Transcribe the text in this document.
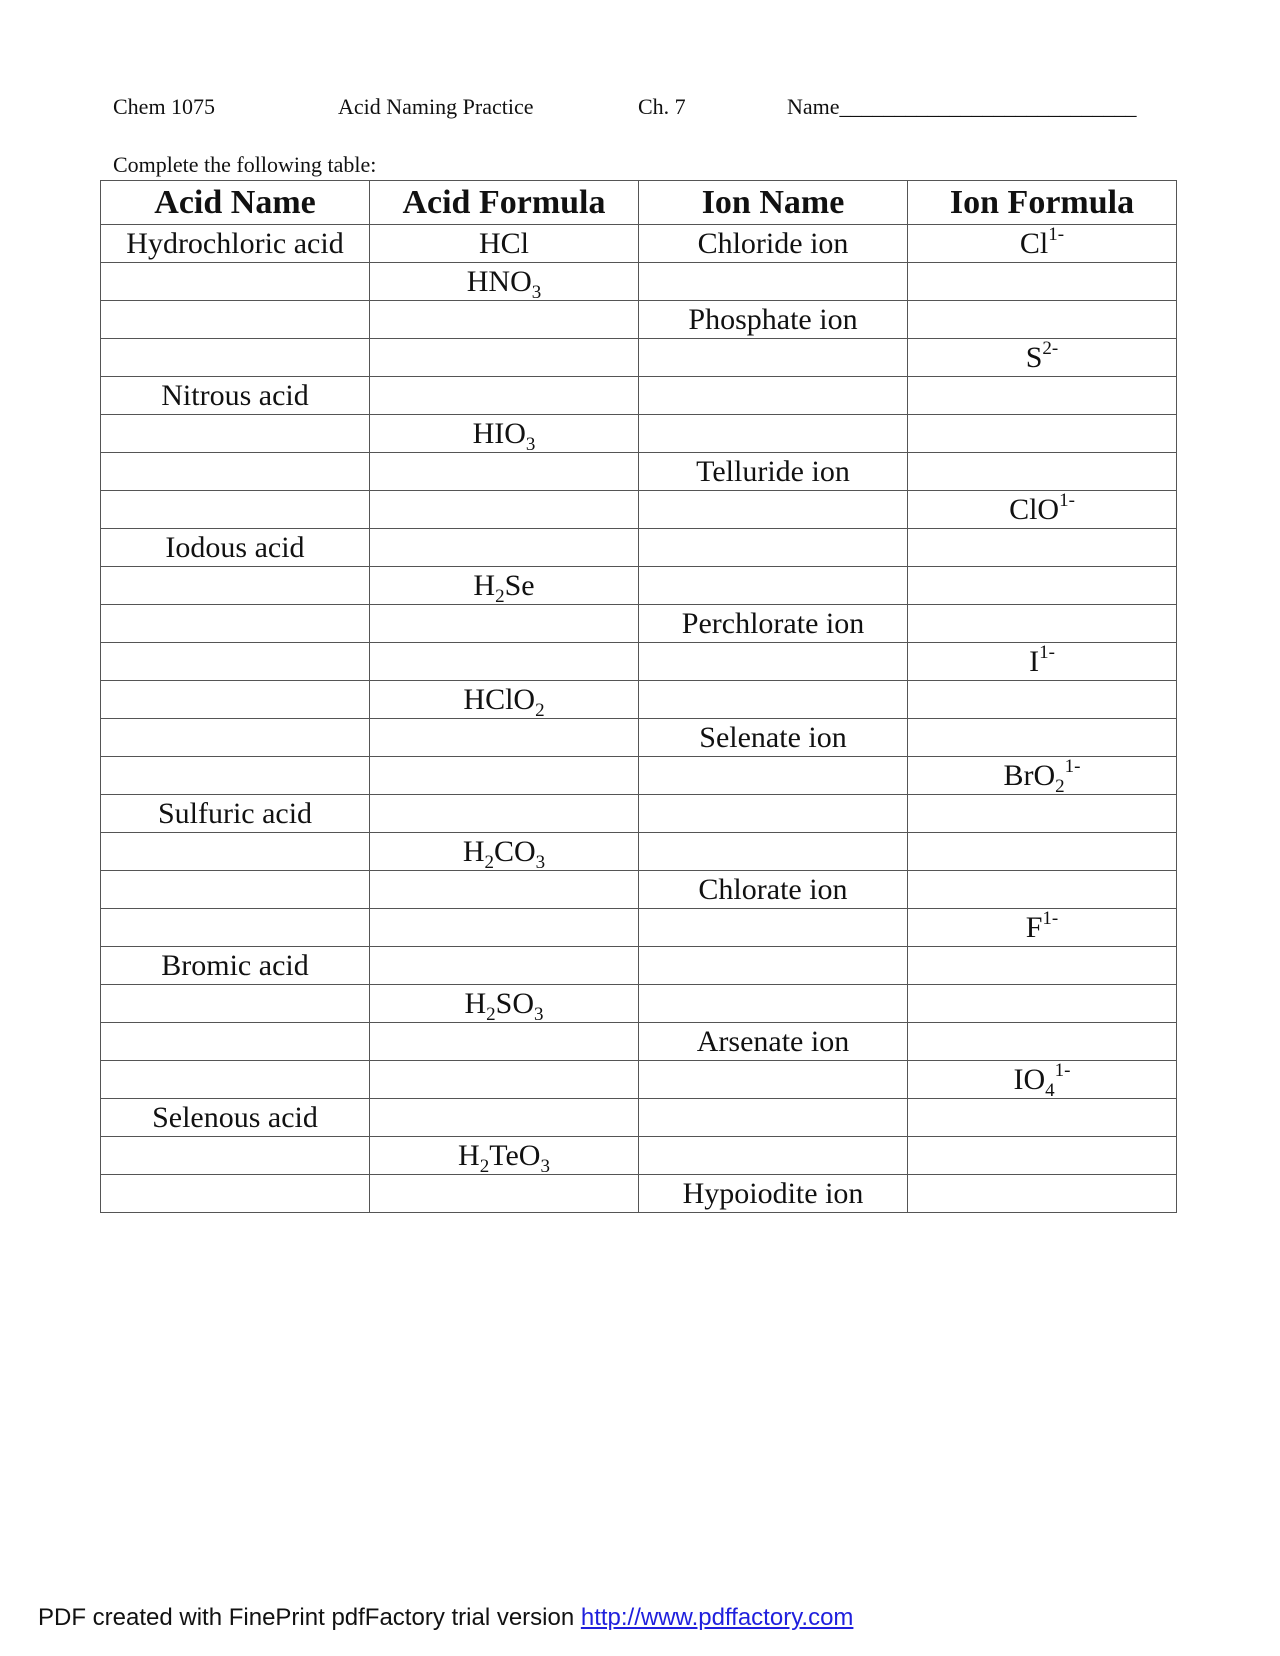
Chem 1075	Acid Naming Practice	Ch. 7	Name___________________________
Complete the following table:
Acid Name	Acid Formula	Ion Name	Ion Formula
Hydrochloric acid	HCl	Chloride ion	$Cl^{1-}$
	$HNO_3$		
		Phosphate ion	
			$S^{2-}$
Nitrous acid			
	$HIO_3$		
		Telluride ion	
			ClO$^{1-}$
Iodous acid			
	$H_2Se$		
		Perchlorate ion	
			$I^{1-}$
	HClO$_2$		
		Selenate ion	
			BrO$_2^{1-}$
Sulfuric acid			
	$H_2CO_3$		
		Chlorate ion	
			$F^{1-}$
Bromic acid			
	$H_2SO_3$		
		Arsenate ion	
			$IO_4^{1-}$
Selenous acid			
	$H_2TeO_3$		
		Hypoiodite ion	
PDF created with FinePrint pdfFactory trial version http://www.pdffactory.com
